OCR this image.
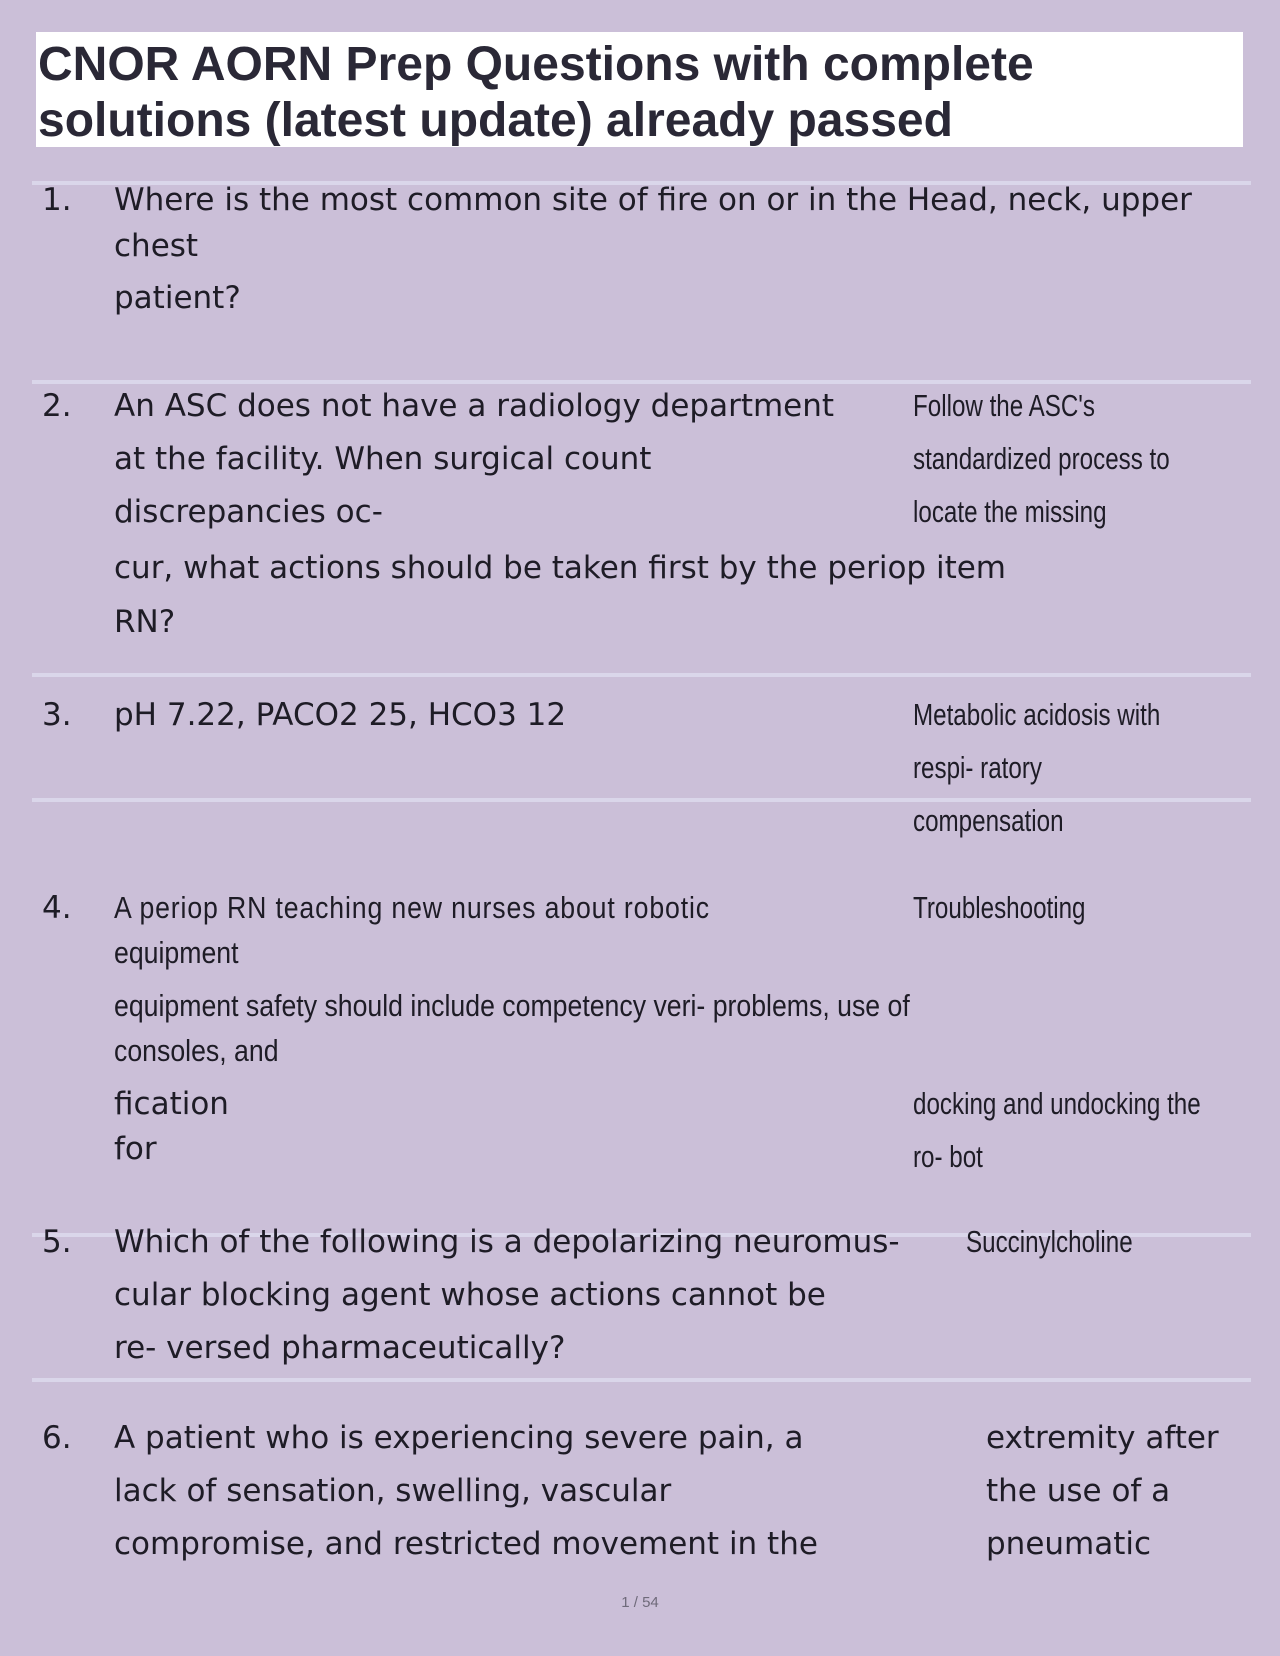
CNOR AORN Prep Questions with complete
solutions (latest update) already passed
1. Where is the most common site of fire on or in the Head, neck, upper
chest
patient?
2. An ASC does not have a radiology department
at the facility. When surgical count
discrepancies oc-
cur, what actions should be taken first by the periop item
RN?
Follow the ASC's
standardized process to
locate the missing
3. pH 7.22, PACO2 25, HCO3 12	Metabolic acidosis with
respi- ratory
compensation
4. A periop RN teaching new nurses about robotic
equipment
equipment safety should include competency veri- problems, use of
consoles, and
fication
for
Troubleshooting
docking and undocking the
ro- bot
5. Which of the following is a depolarizing neuromus-
cular blocking agent whose actions cannot be
re- versed pharmaceutically?
Succinylcholine
6. A patient who is experiencing severe pain, a
lack of sensation, swelling, vascular
compromise, and restricted movement in the
extremity after
the use of a
pneumatic
1 / 54
